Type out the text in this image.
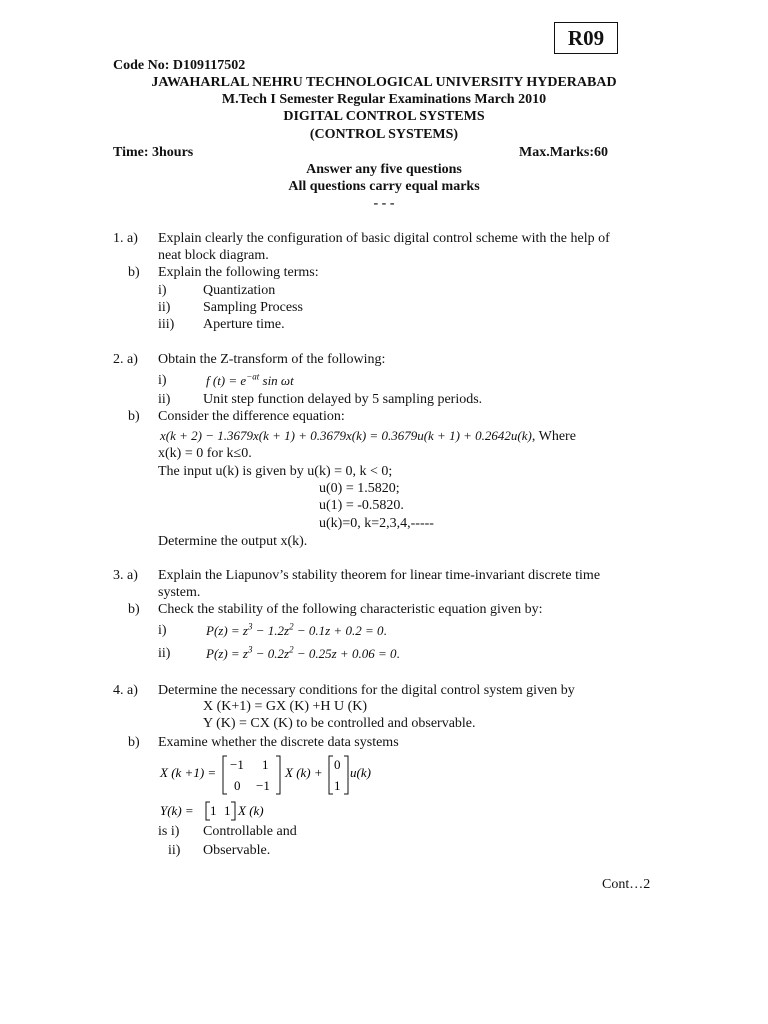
R09
Code No: D109117502
JAWAHARLAL NEHRU TECHNOLOGICAL UNIVERSITY HYDERABAD
M.Tech I Semester Regular Examinations March 2010
DIGITAL CONTROL SYSTEMS
(CONTROL SYSTEMS)
Time: 3hours	Max.Marks:60
Answer any five questions
All questions carry equal marks
- - -
1. a) Explain clearly the configuration of basic digital control scheme with the help of
neat block diagram.
b) Explain the following terms:
i)	Quantization
ii) Sampling Process
iii) Aperture time.
2. a) Obtain the Z-transform of the following:
i)	f $(t) = e^{-at}$ sin ωt
ii) Unit step function delayed by 5 sampling periods.
b) Consider the difference equation:
x(k + 2) − 1.3679x(k + 1) + 0.3679x(k) = 0.3679u(k + 1) + 0.2642u(k), Where
x(k) = 0 for k≤0.
The input u(k) is given by u(k) = 0, k < 0;
u(0) = 1.5820;
u(1) = -0.5820.
u(k)=0, k=2,3,4,-----
Determine the output x(k).
3. a) Explain the Liapunov’s stability theorem for linear time-invariant discrete time
system.
b) Check the stability of the following characteristic equation given by:
i)	$P(z) = z^3 - 1.2z^2 - 0.1z + 0.2 = 0$.
ii)	$P(z) = z^3 - 0.2z^2 - 0.25z + 0.06 = 0$.
4. a) Determine the necessary conditions for the digital control system given by
X (K+1) = GX (K) +H U (K)
Y (K) = CX (K) to be controlled and observable.
b) Examine whether the discrete data systems
X (k +1) =
−1 1
0 −1
X (k) +
0
1
u(k)
Y(k) = 1 1 X (k)
is i) Controllable and
ii) Observable.
Cont…2
